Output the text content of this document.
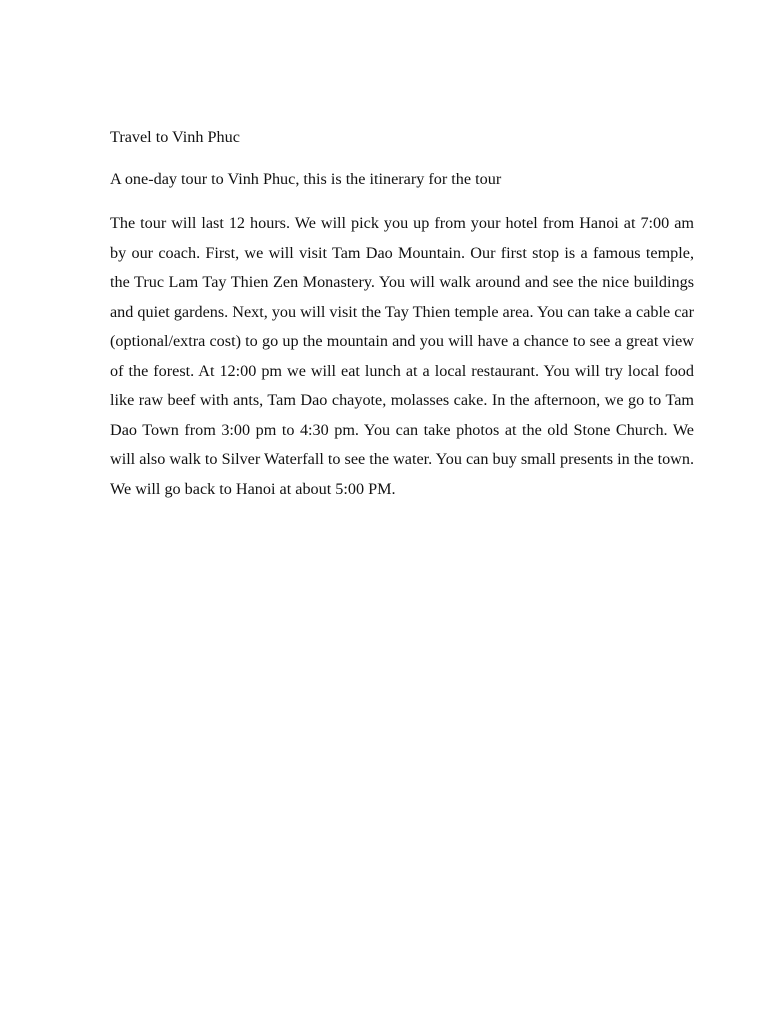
Travel to Vinh Phuc

A one-day tour to Vinh Phuc, this is the itinerary for the tour

The tour will last 12 hours. We will pick you up from your hotel from Hanoi at 7:00 am by our coach. First, we will visit Tam Dao Mountain. Our first stop is a famous temple, the Truc Lam Tay Thien Zen Monastery. You will walk around and see the nice buildings and quiet gardens. Next, you will visit the Tay Thien temple area. You can take a cable car (optional/extra cost) to go up the mountain and you will have a chance to see a great view of the forest. At 12:00 pm we will eat lunch at a local restaurant. You will try local food like raw beef with ants, Tam Dao chayote, molasses cake. In the afternoon, we go to Tam Dao Town from 3:00 pm to 4:30 pm. You can take photos at the old Stone Church. We will also walk to Silver Waterfall to see the water. You can buy small presents in the town. We will go back to Hanoi at about 5:00 PM.
